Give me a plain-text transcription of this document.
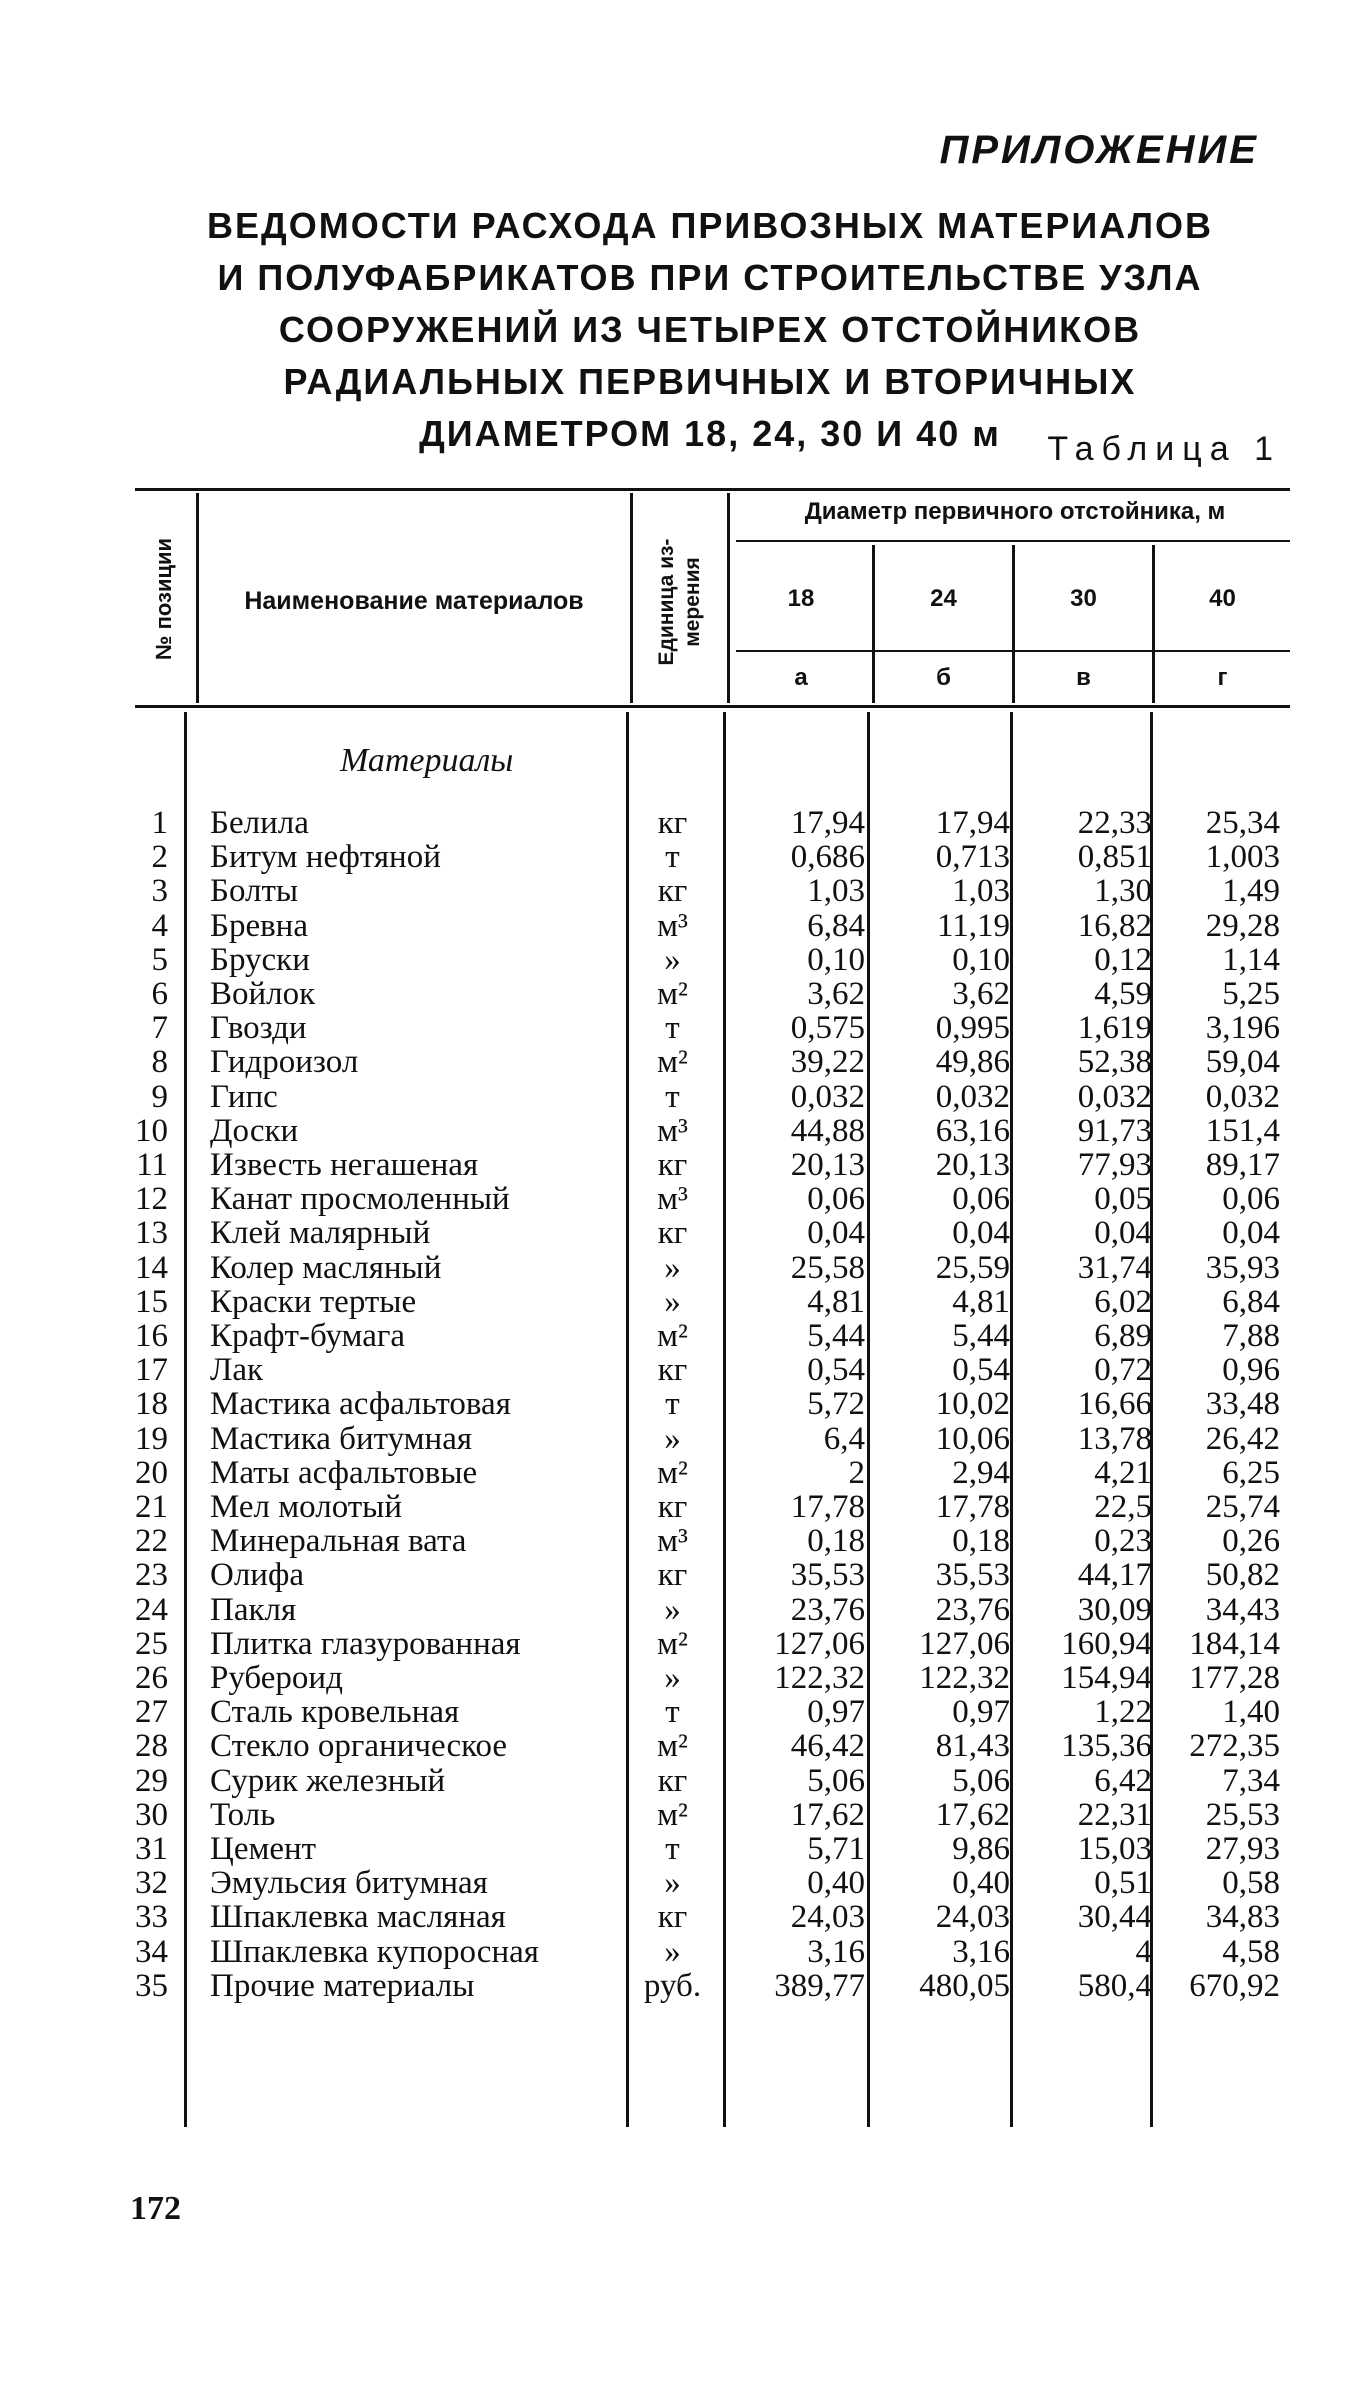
ПРИЛОЖЕНИЕ
ВЕДОМОСТИ РАСХОДА ПРИВОЗНЫХ МАТЕРИАЛОВ
И ПОЛУФАБРИКАТОВ ПРИ СТРОИТЕЛЬСТВЕ УЗЛА
СООРУЖЕНИЙ ИЗ ЧЕТЫРЕХ ОТСТОЙНИКОВ
РАДИАЛЬНЫХ ПЕРВИЧНЫХ И ВТОРИЧНЫХ
ДИАМЕТРОМ 18, 24, 30 И 40 м	Таблица 1
№ позиции	Наименование материалов	Единица из- мерения
Диаметр первичного отстойника, м
18	24	30	40
а	б	в	г
Материалы
1 Белила	кг	17,94	17,94	22,33	25,34
2 Битум нефтяной	т	0,686	0,713	0,851	1,003
3 Болты	кг	1,03	1,03	1,30	1,49
4 Бревна	м³	6,84	11,19	16,82	29,28
5 Бруски	»	0,10	0,10	0,12	1,14
6 Войлок	м²	3,62	3,62	4,59	5,25
7 Гвозди	т	0,575	0,995	1,619	3,196
8 Гидроизол	м²	39,22	49,86	52,38	59,04
9 Гипс	т	0,032	0,032	0,032	0,032
10 Доски	м³	44,88	63,16	91,73	151,4
11 Известь негашеная	кг	20,13	20,13	77,93	89,17
12 Канат просмоленный	м³	0,06	0,06	0,05	0,06
13 Клей малярный	кг	0,04	0,04	0,04	0,04
14 Колер масляный	»	25,58	25,59	31,74	35,93
15 Краски тертые	»	4,81	4,81	6,02	6,84
16 Крафт-бумага	м²	5,44	5,44	6,89	7,88
17 Лак	кг	0,54	0,54	0,72	0,96
18 Мастика асфальтовая	т	5,72	10,02	16,66	33,48
19 Мастика битумная	»	6,4	10,06	13,78	26,42
20 Маты асфальтовые	м²	2	2,94	4,21	6,25
21 Мел молотый	кг	17,78	17,78	22,5	25,74
22 Минеральная вата	м³	0,18	0,18	0,23	0,26
23 Олифа	кг	35,53	35,53	44,17	50,82
24 Пакля	»	23,76	23,76	30,09	34,43
25 Плитка глазурованная	м²	127,06	127,06	160,94	184,14
26 Рубероид	»	122,32	122,32	154,94	177,28
27 Сталь кровельная	т	0,97	0,97	1,22	1,40
28 Стекло органическое	м²	46,42	81,43	135,36	272,35
29 Сурик железный	кг	5,06	5,06	6,42	7,34
30 Толь	м²	17,62	17,62	22,31	25,53
31 Цемент	т	5,71	9,86	15,03	27,93
32 Эмульсия битумная	»	0,40	0,40	0,51	0,58
33 Шпаклевка масляная	кг	24,03	24,03	30,44	34,83
34 Шпаклевка купоросная	»	3,16	3,16	4	4,58
35 Прочие материалы	руб.	389,77	480,05	580,4	670,92
172
